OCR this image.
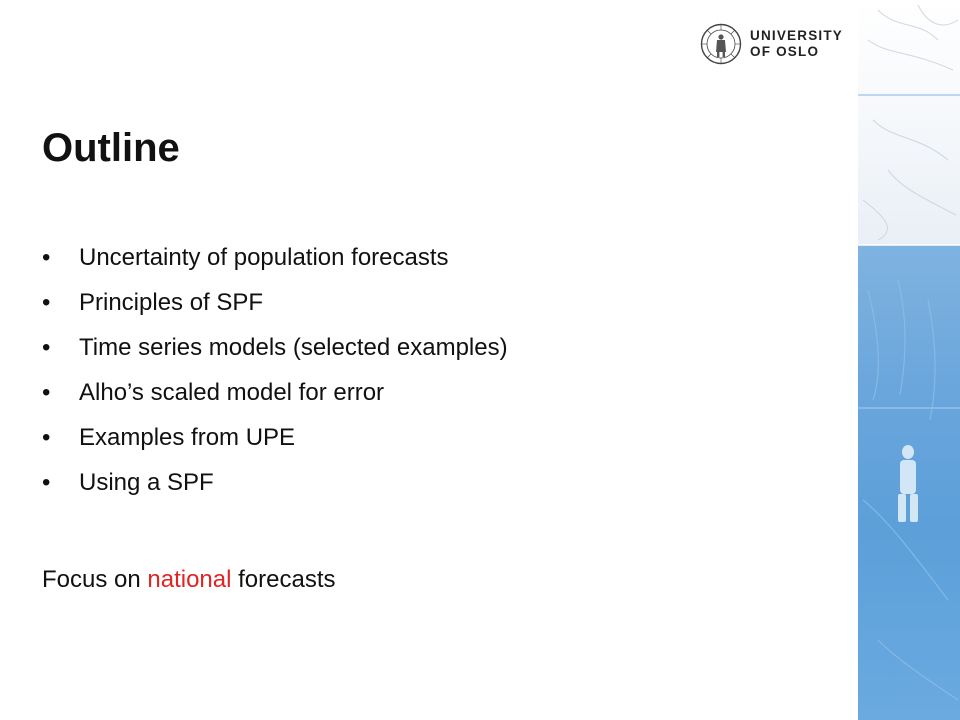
UNIVERSITY
OF OSLO
Outline
• Uncertainty of population forecasts
• Principles of SPF
• Time series models (selected examples)
• Alho’s scaled model for error
• Examples from UPE
• Using a SPF
Focus on national forecasts
